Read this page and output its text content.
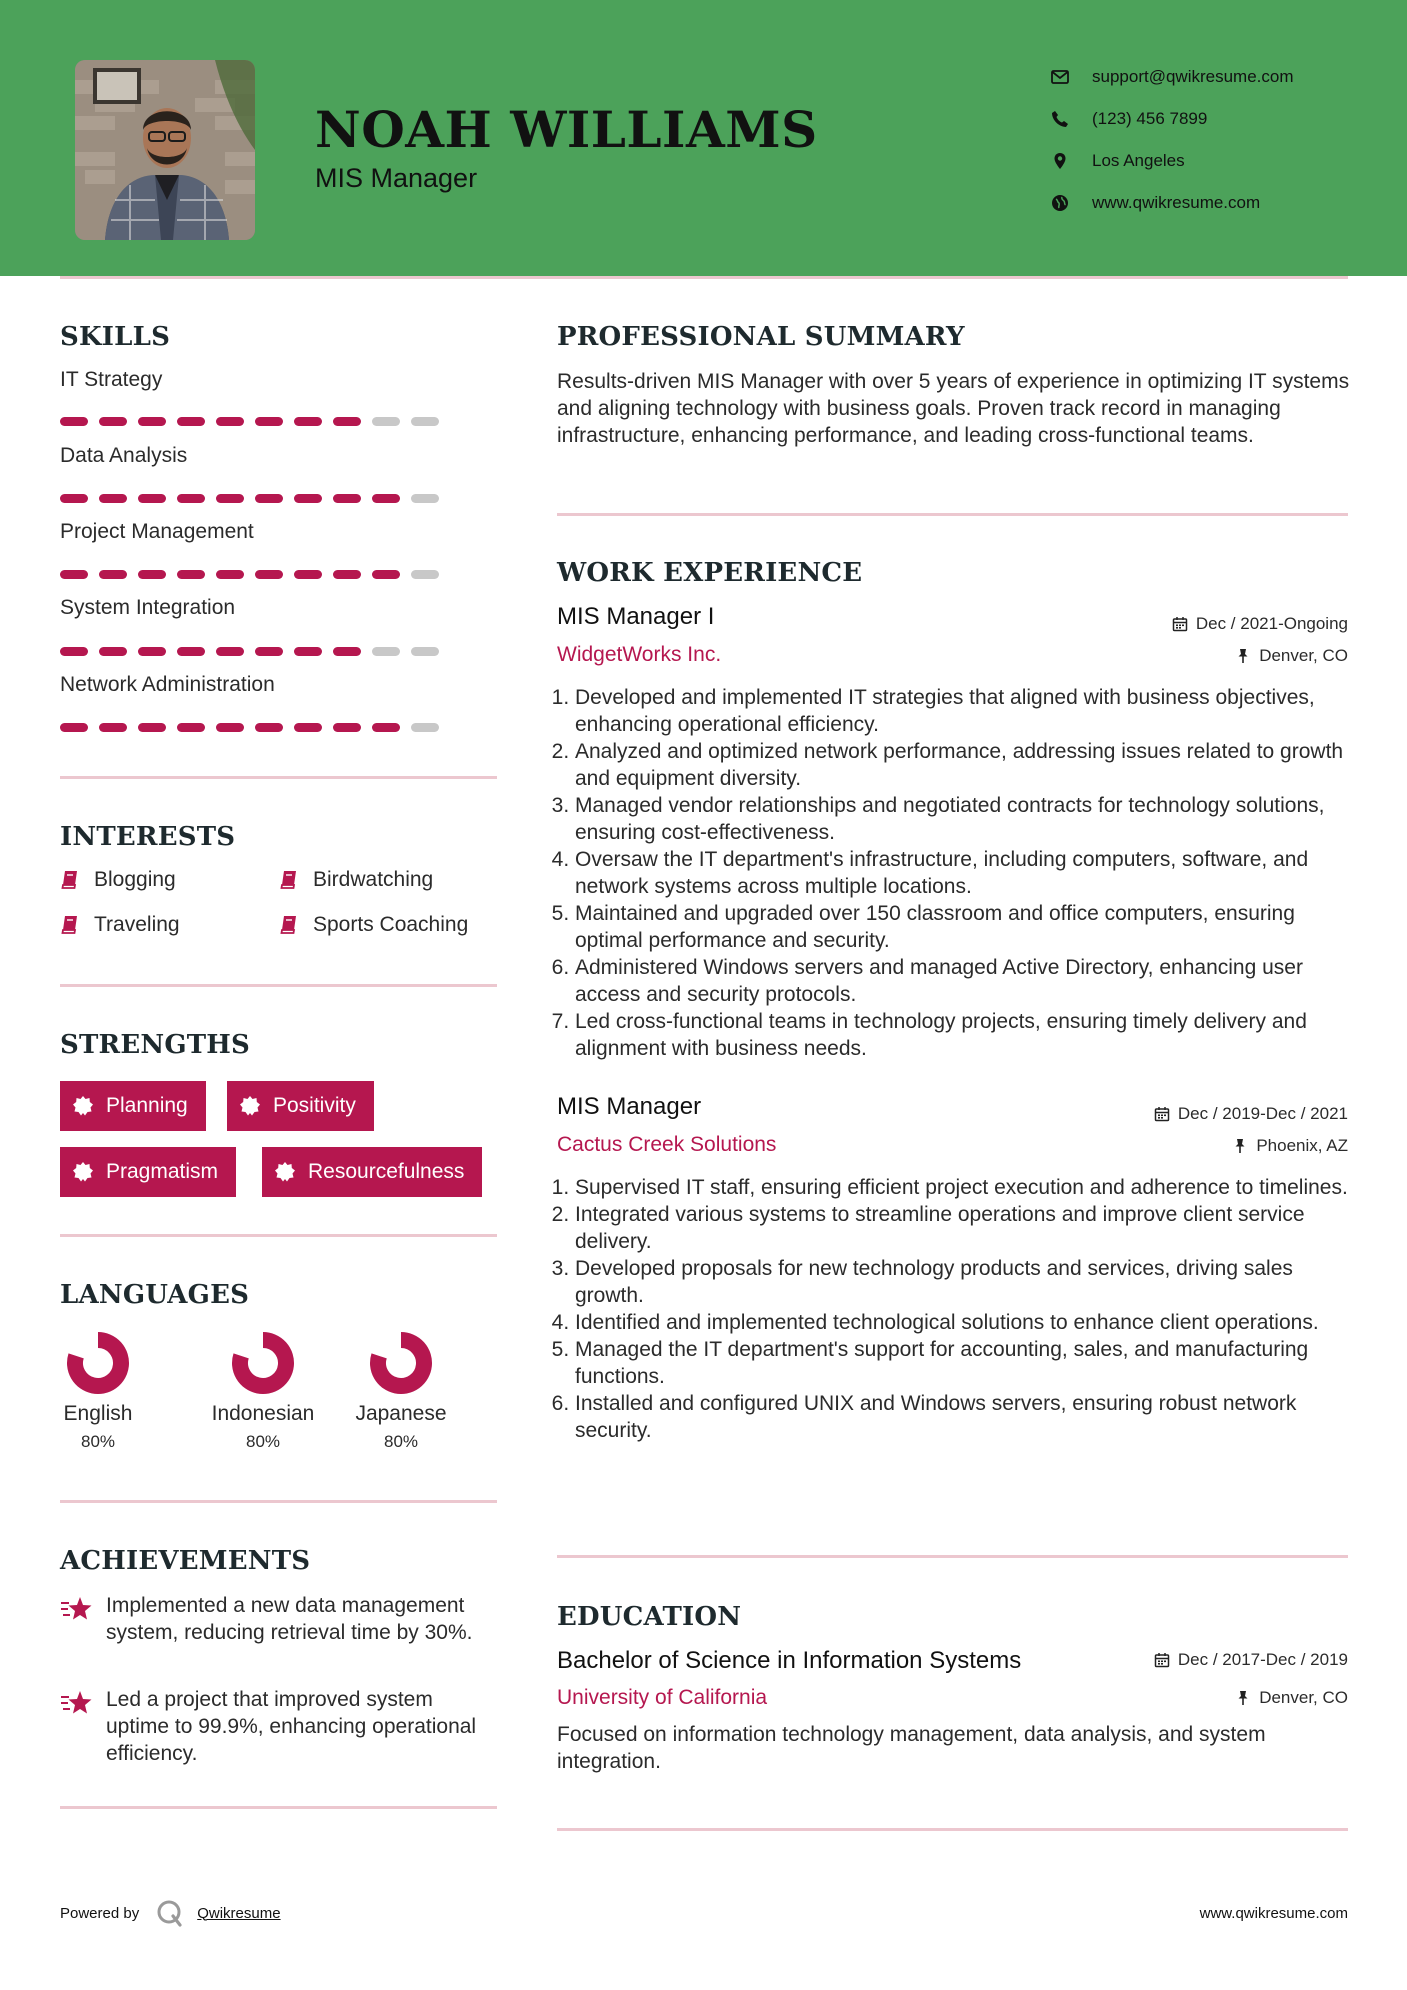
NOAH WILLIAMS
MIS Manager
support@qwikresume.com
(123) 456 7899
Los Angeles
www.qwikresume.com
SKILLS
IT Strategy
Data Analysis
Project Management
System Integration
Network Administration
INTERESTS
Blogging	Birdwatching
Traveling	Sports Coaching
STRENGTHS
Planning	Positivity
Pragmatism	Resourcefulness
LANGUAGES
English
80%
Indonesian
80%
Japanese
80%
ACHIEVEMENTS
Implemented a new data management system, reducing retrieval time by 30%.
Led a project that improved system uptime to 99.9%, enhancing operational efficiency.
PROFESSIONAL SUMMARY
Results-driven MIS Manager with over 5 years of experience in optimizing IT systems and aligning technology with business goals. Proven track record in managing infrastructure, enhancing performance, and leading cross-functional teams.
WORK EXPERIENCE
MIS Manager I	Dec / 2021-Ongoing
WidgetWorks Inc.	Denver, CO
1. Developed and implemented IT strategies that aligned with business objectives, enhancing operational efficiency.
2. Analyzed and optimized network performance, addressing issues related to growth and equipment diversity.
3. Managed vendor relationships and negotiated contracts for technology solutions, ensuring cost-effectiveness.
4. Oversaw the IT department's infrastructure, including computers, software, and network systems across multiple locations.
5. Maintained and upgraded over 150 classroom and office computers, ensuring optimal performance and security.
6. Administered Windows servers and managed Active Directory, enhancing user access and security protocols.
7. Led cross-functional teams in technology projects, ensuring timely delivery and alignment with business needs.
MIS Manager	Dec / 2019-Dec / 2021
Cactus Creek Solutions	Phoenix, AZ
1. Supervised IT staff, ensuring efficient project execution and adherence to timelines.
2. Integrated various systems to streamline operations and improve client service delivery.
3. Developed proposals for new technology products and services, driving sales growth.
4. Identified and implemented technological solutions to enhance client operations.
5. Managed the IT department's support for accounting, sales, and manufacturing functions.
6. Installed and configured UNIX and Windows servers, ensuring robust network security.
EDUCATION
Bachelor of Science in Information Systems	Dec / 2017-Dec / 2019
University of California	Denver, CO
Focused on information technology management, data analysis, and system integration.
Powered by	Qwikresume	www.qwikresume.com
